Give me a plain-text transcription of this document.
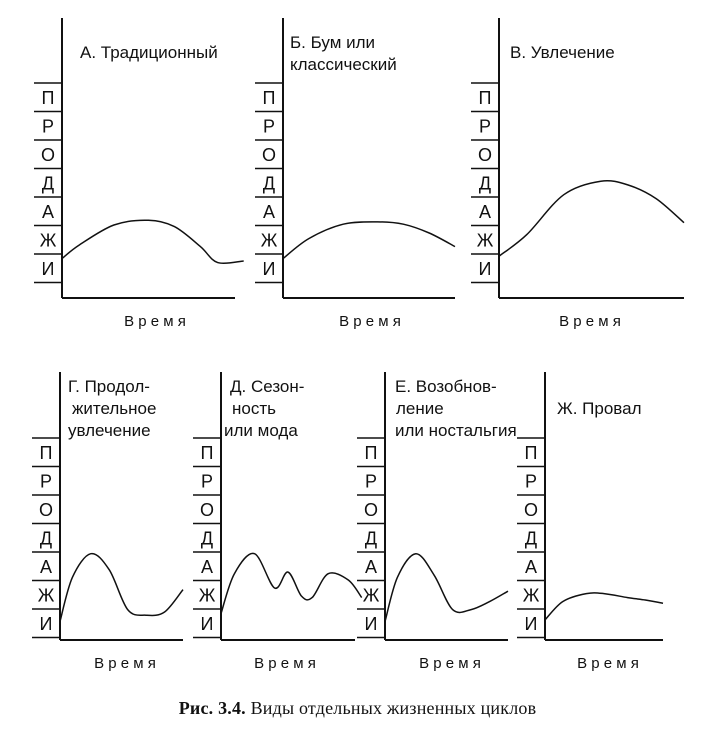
А. Традиционный
П
Р
О
Д
А
Ж
И
В р е м я
Б. Бум или
классический
П
Р
О
Д
А
Ж
И
В р е м я
В. Увлечение
П
Р
О
Д
А
Ж
И
В р е м я
Г. Продол-
жительное
увлечение
П
Р
О
Д
А
Ж
И
В р е м я
Д. Сезон-
ность
или мода
П
Р
О
Д
А
Ж
И
В р е м я
Е. Возобнов-
ление
или ностальгия
П
Р
О
Д
А
Ж
И
В р е м я
Ж. Провал
П
Р
О
Д
А
Ж
И
В р е м я
Рис. 3.4. Виды отдельных жизненных циклов
